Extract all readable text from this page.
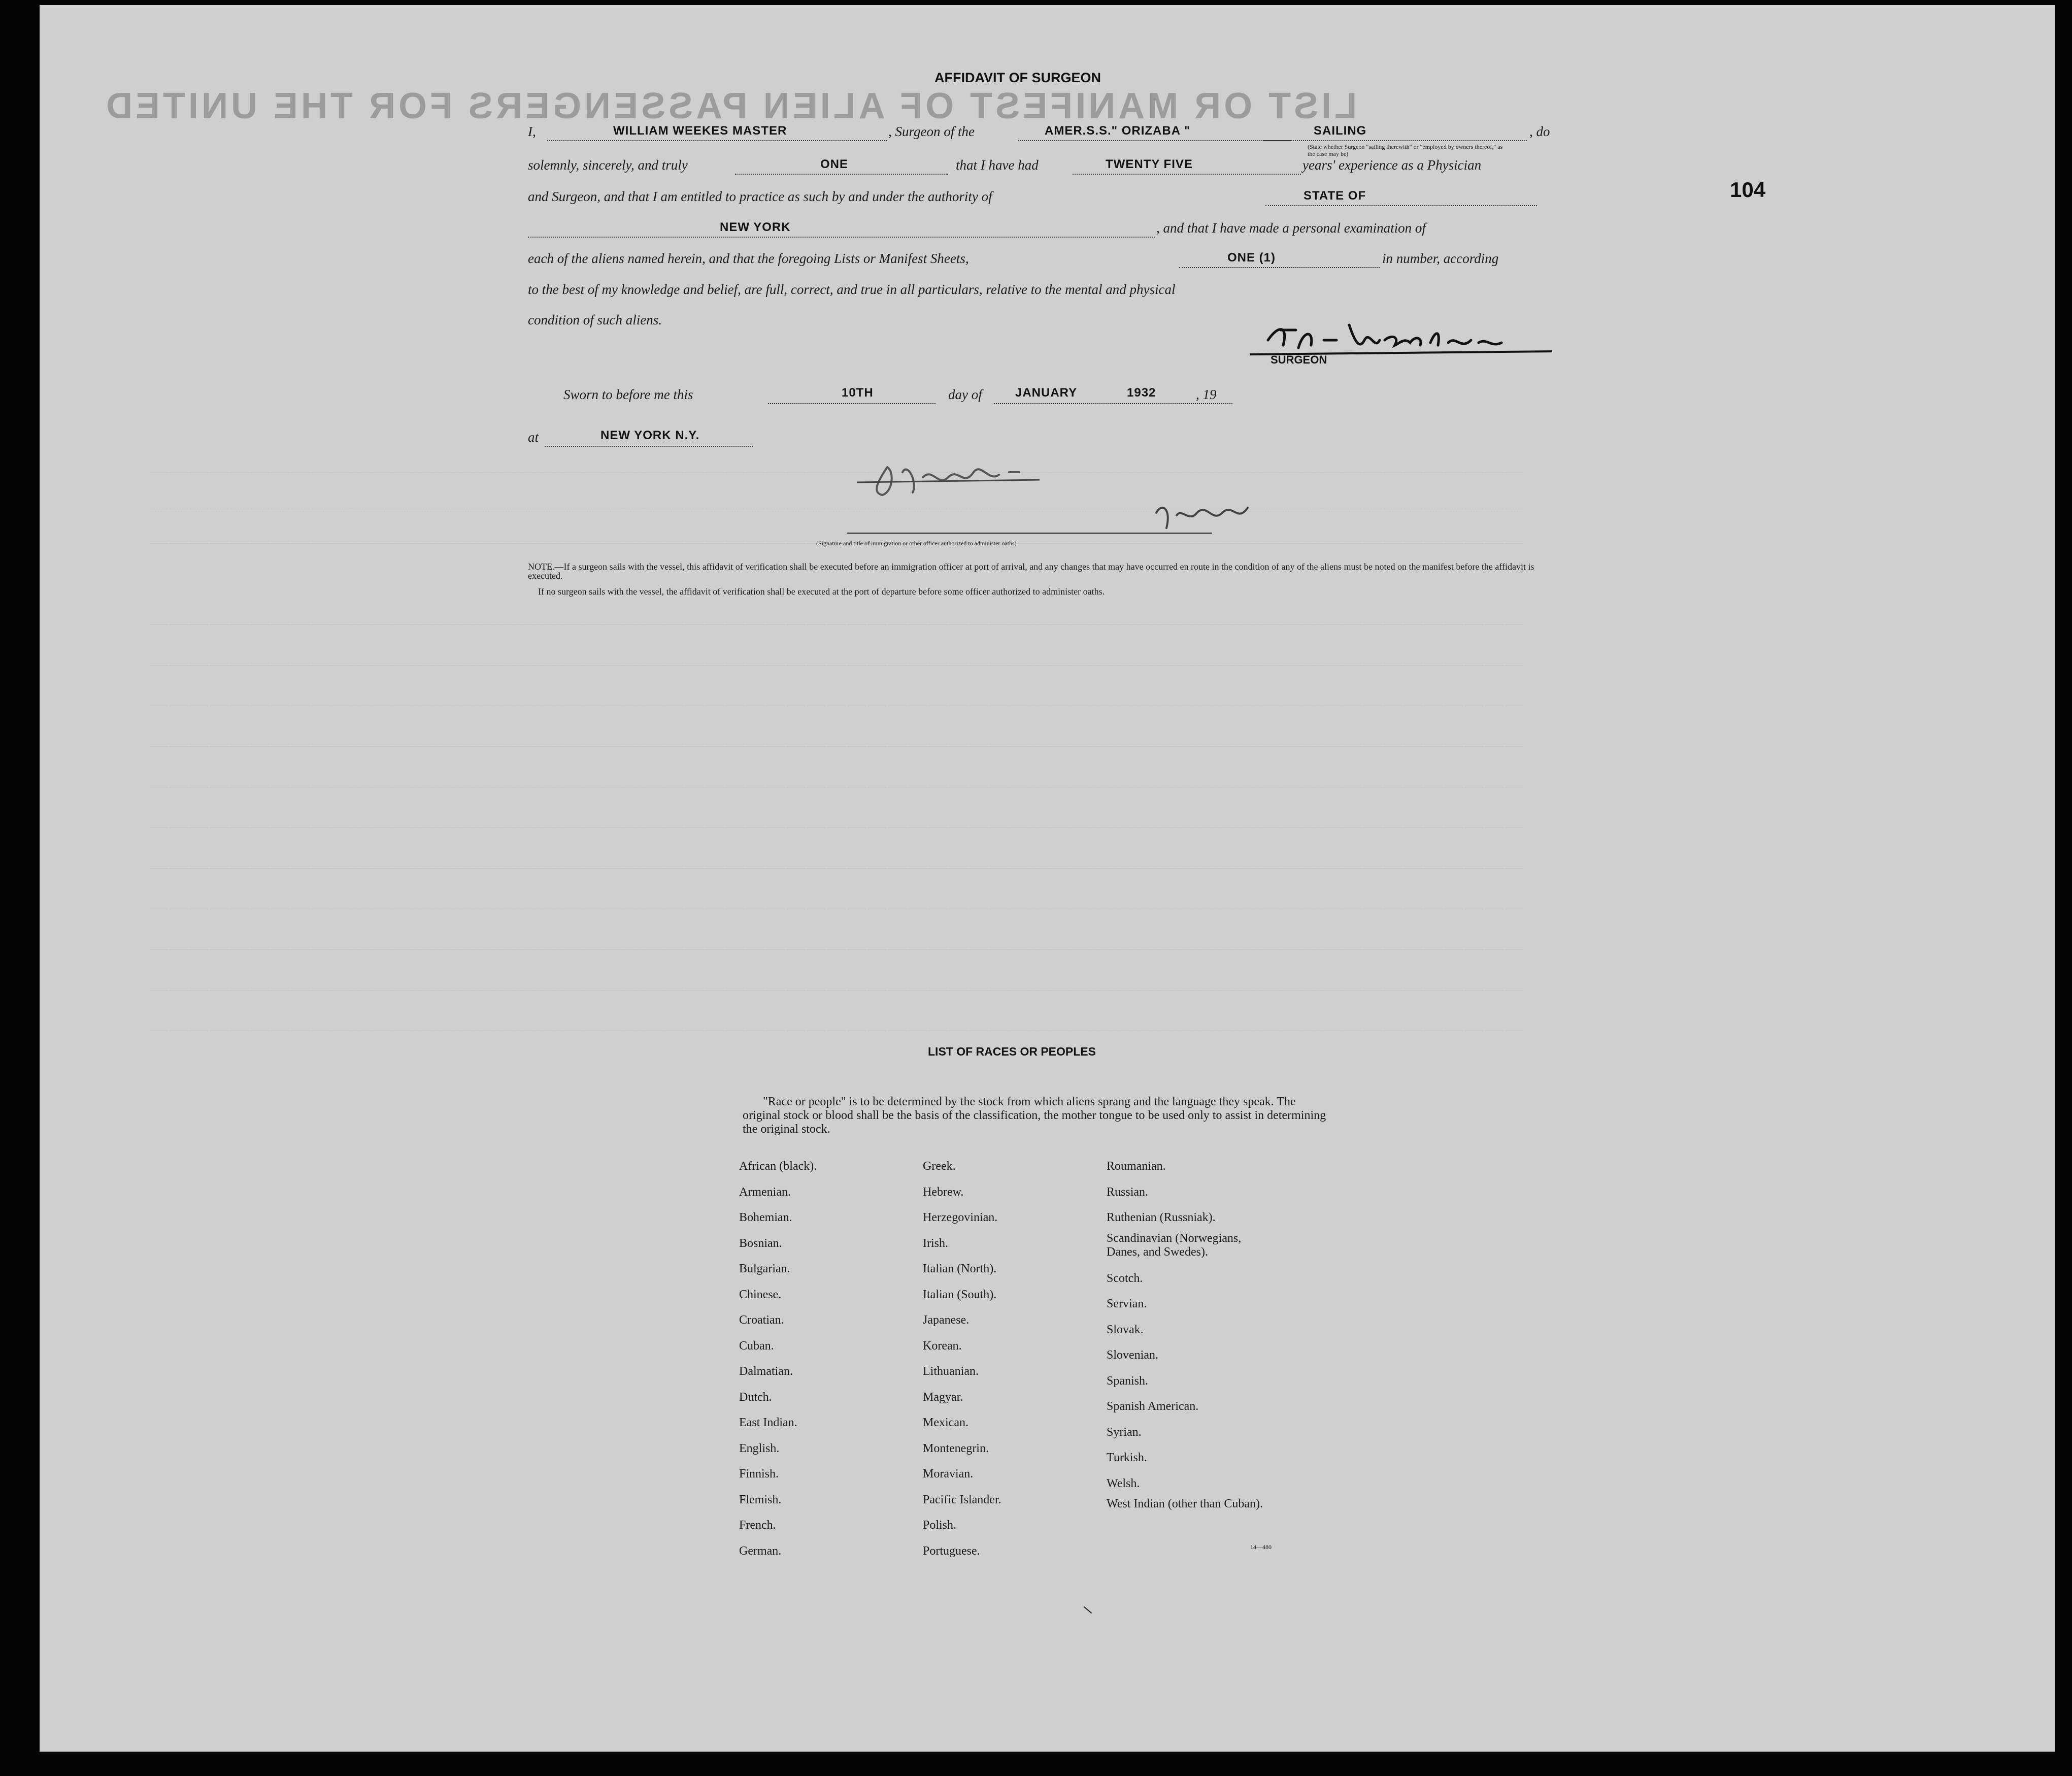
LIST OR MANIFEST OF ALIEN PASSENGERS FOR THE UNITED
104
AFFIDAVIT OF SURGEON
I,	WILLIAM WEEKES MASTER	, Surgeon of the	AMER.S.S." ORIZABA "	SAILING	, do
(State whether Surgeon "sailing therewith" or "employed by owners thereof," as the case may be)
solemnly, sincerely, and truly	ONE	that I have had	TWENTY FIVE	years' experience as a Physician
and Surgeon, and that I am entitled to practice as such by and under the authority of	STATE OF
NEW YORK	, and that I have made a personal examination of
each of the aliens named herein, and that the foregoing Lists or Manifest Sheets,	ONE (1)	in number, according
to the best of my knowledge and belief, are full, correct, and true in all particulars, relative to the mental and physical
condition of such aliens.
SURGEON
Sworn to before me this	10TH	day of	JANUARY	1932	, 19
at	NEW YORK N.Y.
(Signature and title of immigration or other officer authorized to administer oaths)
NOTE.—If a surgeon sails with the vessel, this affidavit of verification shall be executed before an immigration officer at port of arrival, and any changes that may have occurred en route in the condition of any of the aliens must be noted on the manifest before the affidavit is executed.
If no surgeon sails with the vessel, the affidavit of verification shall be executed at the port of departure before some officer authorized to administer oaths.
LIST OF RACES OR PEOPLES
"Race or people" is to be determined by the stock from which aliens sprang and the language they speak. The original stock or blood shall be the basis of the classification, the mother tongue to be used only to assist in determining the original stock.
African (black).
Armenian.
Bohemian.
Bosnian.
Bulgarian.
Chinese.
Croatian.
Cuban.
Dalmatian.
Dutch.
East Indian.
English.
Finnish.
Flemish.
French.
German.
Greek.
Hebrew.
Herzegovinian.
Irish.
Italian (North).
Italian (South).
Japanese.
Korean.
Lithuanian.
Magyar.
Mexican.
Montenegrin.
Moravian.
Pacific Islander.
Polish.
Portuguese.
Roumanian.
Russian.
Ruthenian (Russniak).
Scandinavian (Norwegians, Danes, and Swedes).
Scotch.
Servian.
Slovak.
Slovenian.
Spanish.
Spanish American.
Syrian.
Turkish.
Welsh.
West Indian (other than Cuban).
14—480
